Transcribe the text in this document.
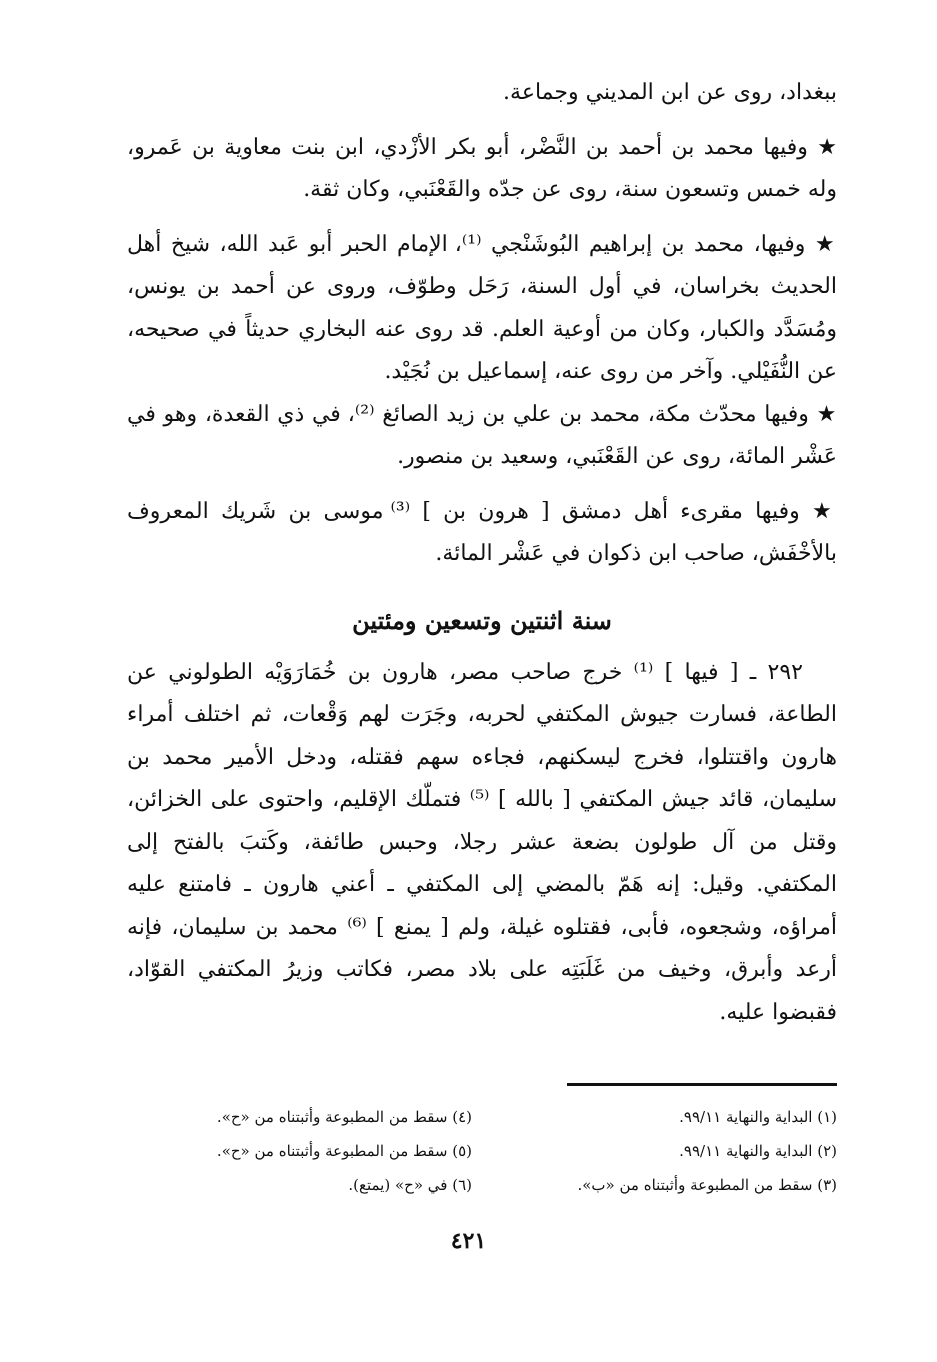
ببغداد، روى عن ابن المديني وجماعة.

★ وفيها محمد بن أحمد بن النَّضْر، أبو بكر الأزْدي، ابن بنت معاوية بن عَمرو، وله خمس وتسعون سنة، روى عن جدّه والقَعْنَبي، وكان ثقة.

★ وفيها، محمد بن إبراهيم البُوشَنْجي ⁽¹⁾، الإمام الحبر أبو عَبد الله، شيخ أهل الحديث بخراسان، في أول السنة، رَحَل وطوّف، وروى عن أحمد بن يونس، ومُسَدَّد والكبار، وكان من أوعية العلم. قد روى عنه البخاري حديثاً في صحيحه، عن النُّفَيْلي. وآخر من روى عنه، إسماعيل بن نُجَيْد.

★ وفيها محدّث مكة، محمد بن علي بن زيد الصائغ ⁽²⁾، في ذي القعدة، وهو في عَشْر المائة، روى عن القَعْنَبي، وسعيد بن منصور.

★ وفيها مقرىء أهل دمشق [ هرون بن ] ⁽³⁾ موسى بن شَريك المعروف بالأخْفَش، صاحب ابن ذكوان في عَشْر المائة.

سنة اثنتين وتسعين ومئتين

٢٩٢ ـ [ فيها ] ⁽¹⁾ خرج صاحب مصر، هارون بن خُمَارَوَيْه الطولوني عن الطاعة، فسارت جيوش المكتفي لحربه، وجَرَت لهم وَقْعات، ثم اختلف أمراء هارون واقتتلوا، فخرج ليسكنهم، فجاءه سهم فقتله، ودخل الأمير محمد بن سليمان، قائد جيش المكتفي [ بالله ] ⁽⁵⁾ فتملّك الإقليم، واحتوى على الخزائن، وقتل من آل طولون بضعة عشر رجلا، وحبس طائفة، وكَتبَ بالفتح إلى المكتفي. وقيل: إنه هَمّ بالمضي إلى المكتفي ـ أعني هارون ـ فامتنع عليه أمراؤه، وشجعوه، فأبى، فقتلوه غيلة، ولم [ يمنع ] ⁽⁶⁾ محمد بن سليمان، فإنه أرعد وأبرق، وخيف من غَلَبَتِه على بلاد مصر، فكاتب وزيرُ المكتفي القوّاد، فقبضوا عليه.

(١) البداية والنهاية ٩٩/١١.
(٤) سقط من المطبوعة وأثبتناه من «ح».
(٢) البداية والنهاية ٩٩/١١.
(٥) سقط من المطبوعة وأثبتناه من «ح».
(٣) سقط من المطبوعة وأثبتناه من «ب».
(٦) في «ح» (يمتع).
٤٢١
